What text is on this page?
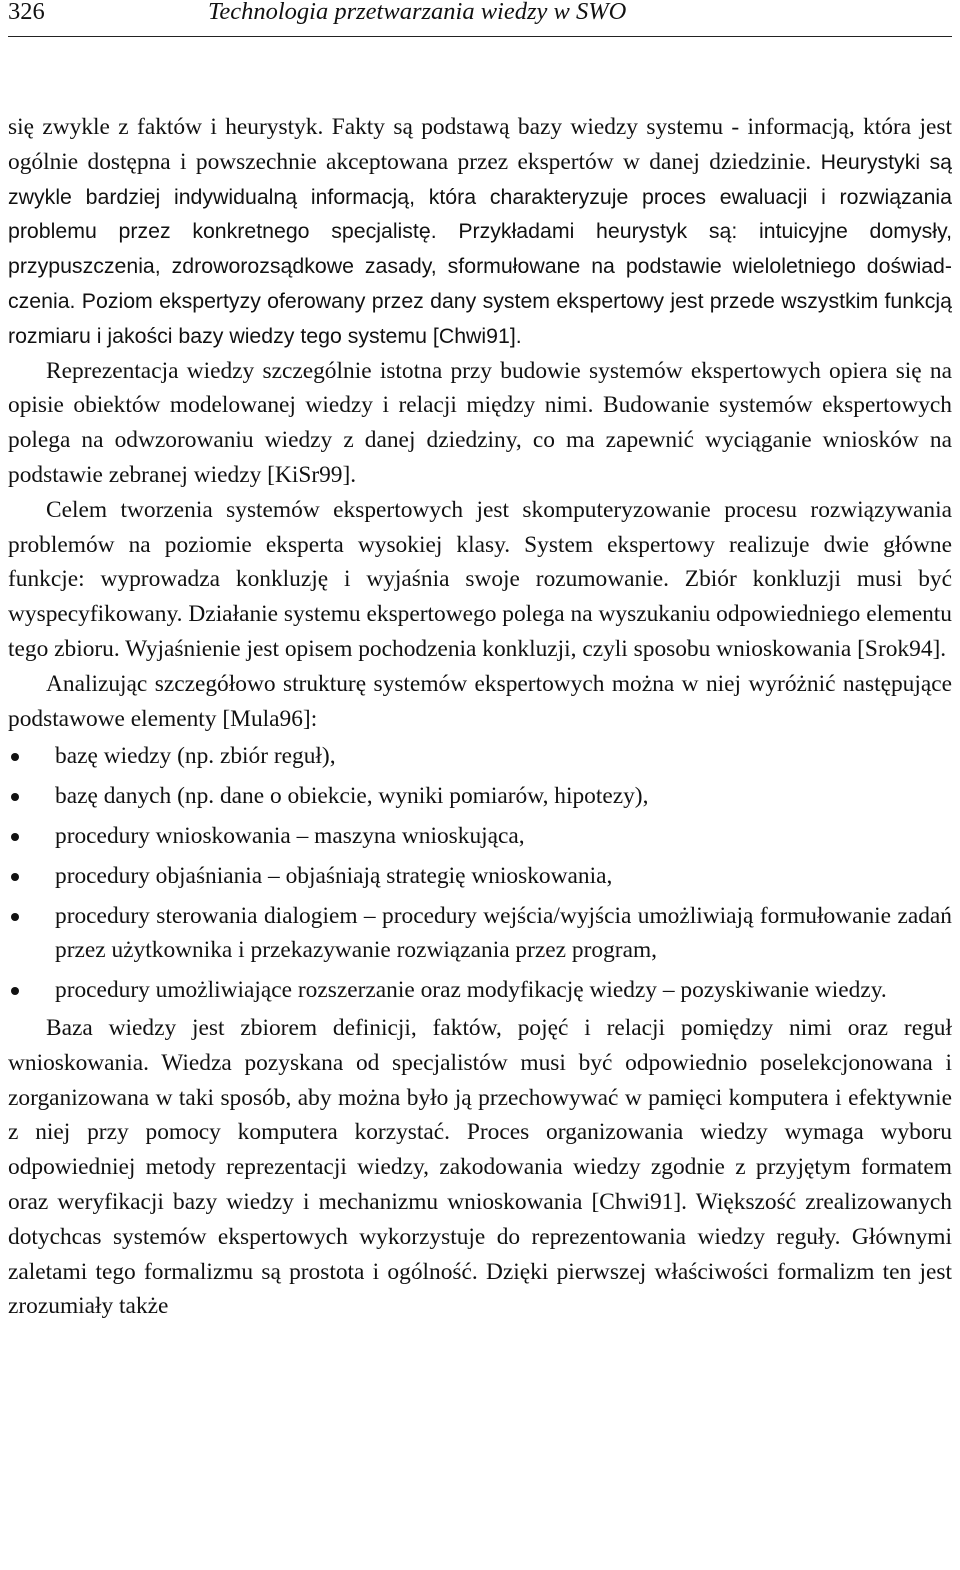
326	Technologia przetwarzania wiedzy w SWO

się zwykle z faktów i heurystyk. Fakty są podstawą bazy wiedzy systemu - informacją, która jest ogólnie dostępna i powszechnie akceptowana przez ekspertów w danej dziedzinie. Heurystyki są zwykle bardziej indywidualną informacją, która charakteryzuje proces ewaluacji i rozwiązania problemu przez konkretnego specjalistę. Przykładami heurystyk są: intuicyjne domysły, przypuszczenia, zdroworozsądkowe zasady, sformułowane na podstawie wieloletniego doświadczenia. Poziom ekspertyzy oferowany przez dany system ekspertowy jest przede wszystkim funkcją rozmiaru i jakości bazy wiedzy tego systemu [Chwi91].

Reprezentacja wiedzy szczególnie istotna przy budowie systemów ekspertowych opiera się na opisie obiektów modelowanej wiedzy i relacji między nimi. Budowanie systemów ekspertowych polega na odwzorowaniu wiedzy z danej dziedziny, co ma zapewnić wyciąganie wniosków na podstawie zebranej wiedzy [KiSr99].

Celem tworzenia systemów ekspertowych jest skomputeryzowanie procesu rozwiązywania problemów na poziomie eksperta wysokiej klasy. System ekspertowy realizuje dwie główne funkcje: wyprowadza konkluzję i wyjaśnia swoje rozumowanie. Zbiór konkluzji musi być wyspecyfikowany. Działanie systemu ekspertowego polega na wyszukaniu odpowiedniego elementu tego zbioru. Wyjaśnienie jest opisem pochodzenia konkluzji, czyli sposobu wnioskowania [Srok94].

Analizując szczegółowo strukturę systemów ekspertowych można w niej wyróżnić następujące podstawowe elementy [Mula96]:

bazę wiedzy (np. zbiór reguł),
bazę danych (np. dane o obiekcie, wyniki pomiarów, hipotezy),
procedury wnioskowania – maszyna wnioskująca,
procedury objaśniania – objaśniają strategię wnioskowania,
procedury sterowania dialogiem – procedury wejścia/wyjścia umożliwiają formułowanie zadań przez użytkownika i przekazywanie rozwiązania przez program,
procedury umożliwiające rozszerzanie oraz modyfikację wiedzy – pozyskiwanie wiedzy.

Baza wiedzy jest zbiorem definicji, faktów, pojęć i relacji pomiędzy nimi oraz reguł wnioskowania. Wiedza pozyskana od specjalistów musi być odpowiednio poselekcjonowana i zorganizowana w taki sposób, aby można było ją przechowywać w pamięci komputera i efektywnie z niej przy pomocy komputera korzystać. Proces organizowania wiedzy wymaga wyboru odpowiedniej metody reprezentacji wiedzy, zakodowania wiedzy zgodnie z przyjętym formatem oraz weryfikacji bazy wiedzy i mechanizmu wnioskowania [Chwi91]. Większość zrealizowanych dotychcas systemów ekspertowych wykorzystuje do reprezentowania wiedzy reguły. Głównymi zaletami tego formalizmu są prostota i ogólność. Dzięki pierwszej właściwości formalizm ten jest zrozumiały także
